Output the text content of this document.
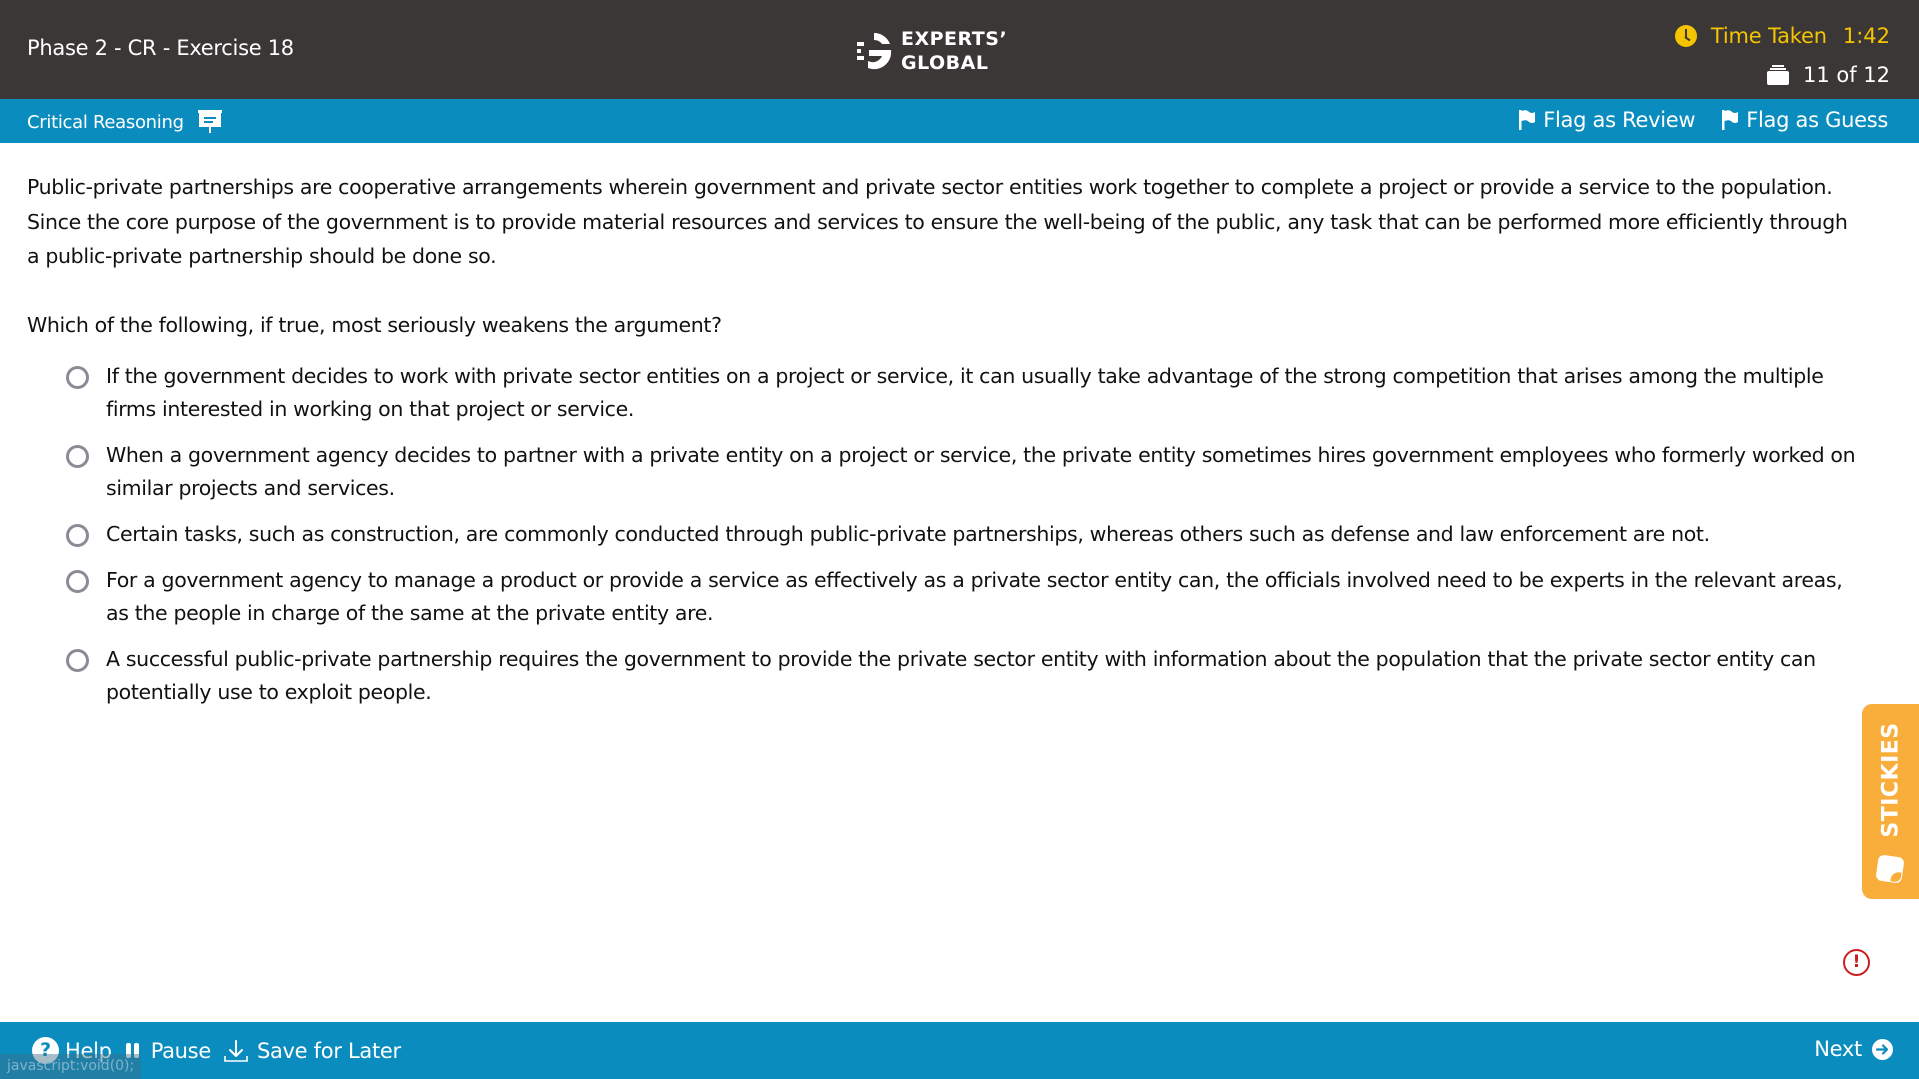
Phase 2 - CR - Exercise 18	EXPERTS’
GLOBAL
Time Taken 1:42
11 of 12
Critical Reasoning	Flag as Review Flag as Guess

Public-private partnerships are cooperative arrangements wherein government and private sector entities work together to complete a project or provide a service to the population. Since the core purpose of the government is to provide material resources and services to ensure the well-being of the public, any task that can be performed more efficiently through a public-private partnership should be done so.

Which of the following, if true, most seriously weakens the argument?

If the government decides to work with private sector entities on a project or service, it can usually take advantage of the strong competition that arises among the multiple firms interested in working on that project or service.
When a government agency decides to partner with a private entity on a project or service, the private entity sometimes hires government employees who formerly worked on similar projects and services.
Certain tasks, such as construction, are commonly conducted through public-private partnerships, whereas others such as defense and law enforcement are not.
For a government agency to manage a product or provide a service as effectively as a private sector entity can, the officials involved need to be experts in the relevant areas, as the people in charge of the same at the private entity are.
A successful public-private partnership requires the government to provide the private sector entity with information about the population that the private sector entity can potentially use to exploit people.
STICKIES
!
? Help Pause Save for Later	Next
javascript:void(0);
